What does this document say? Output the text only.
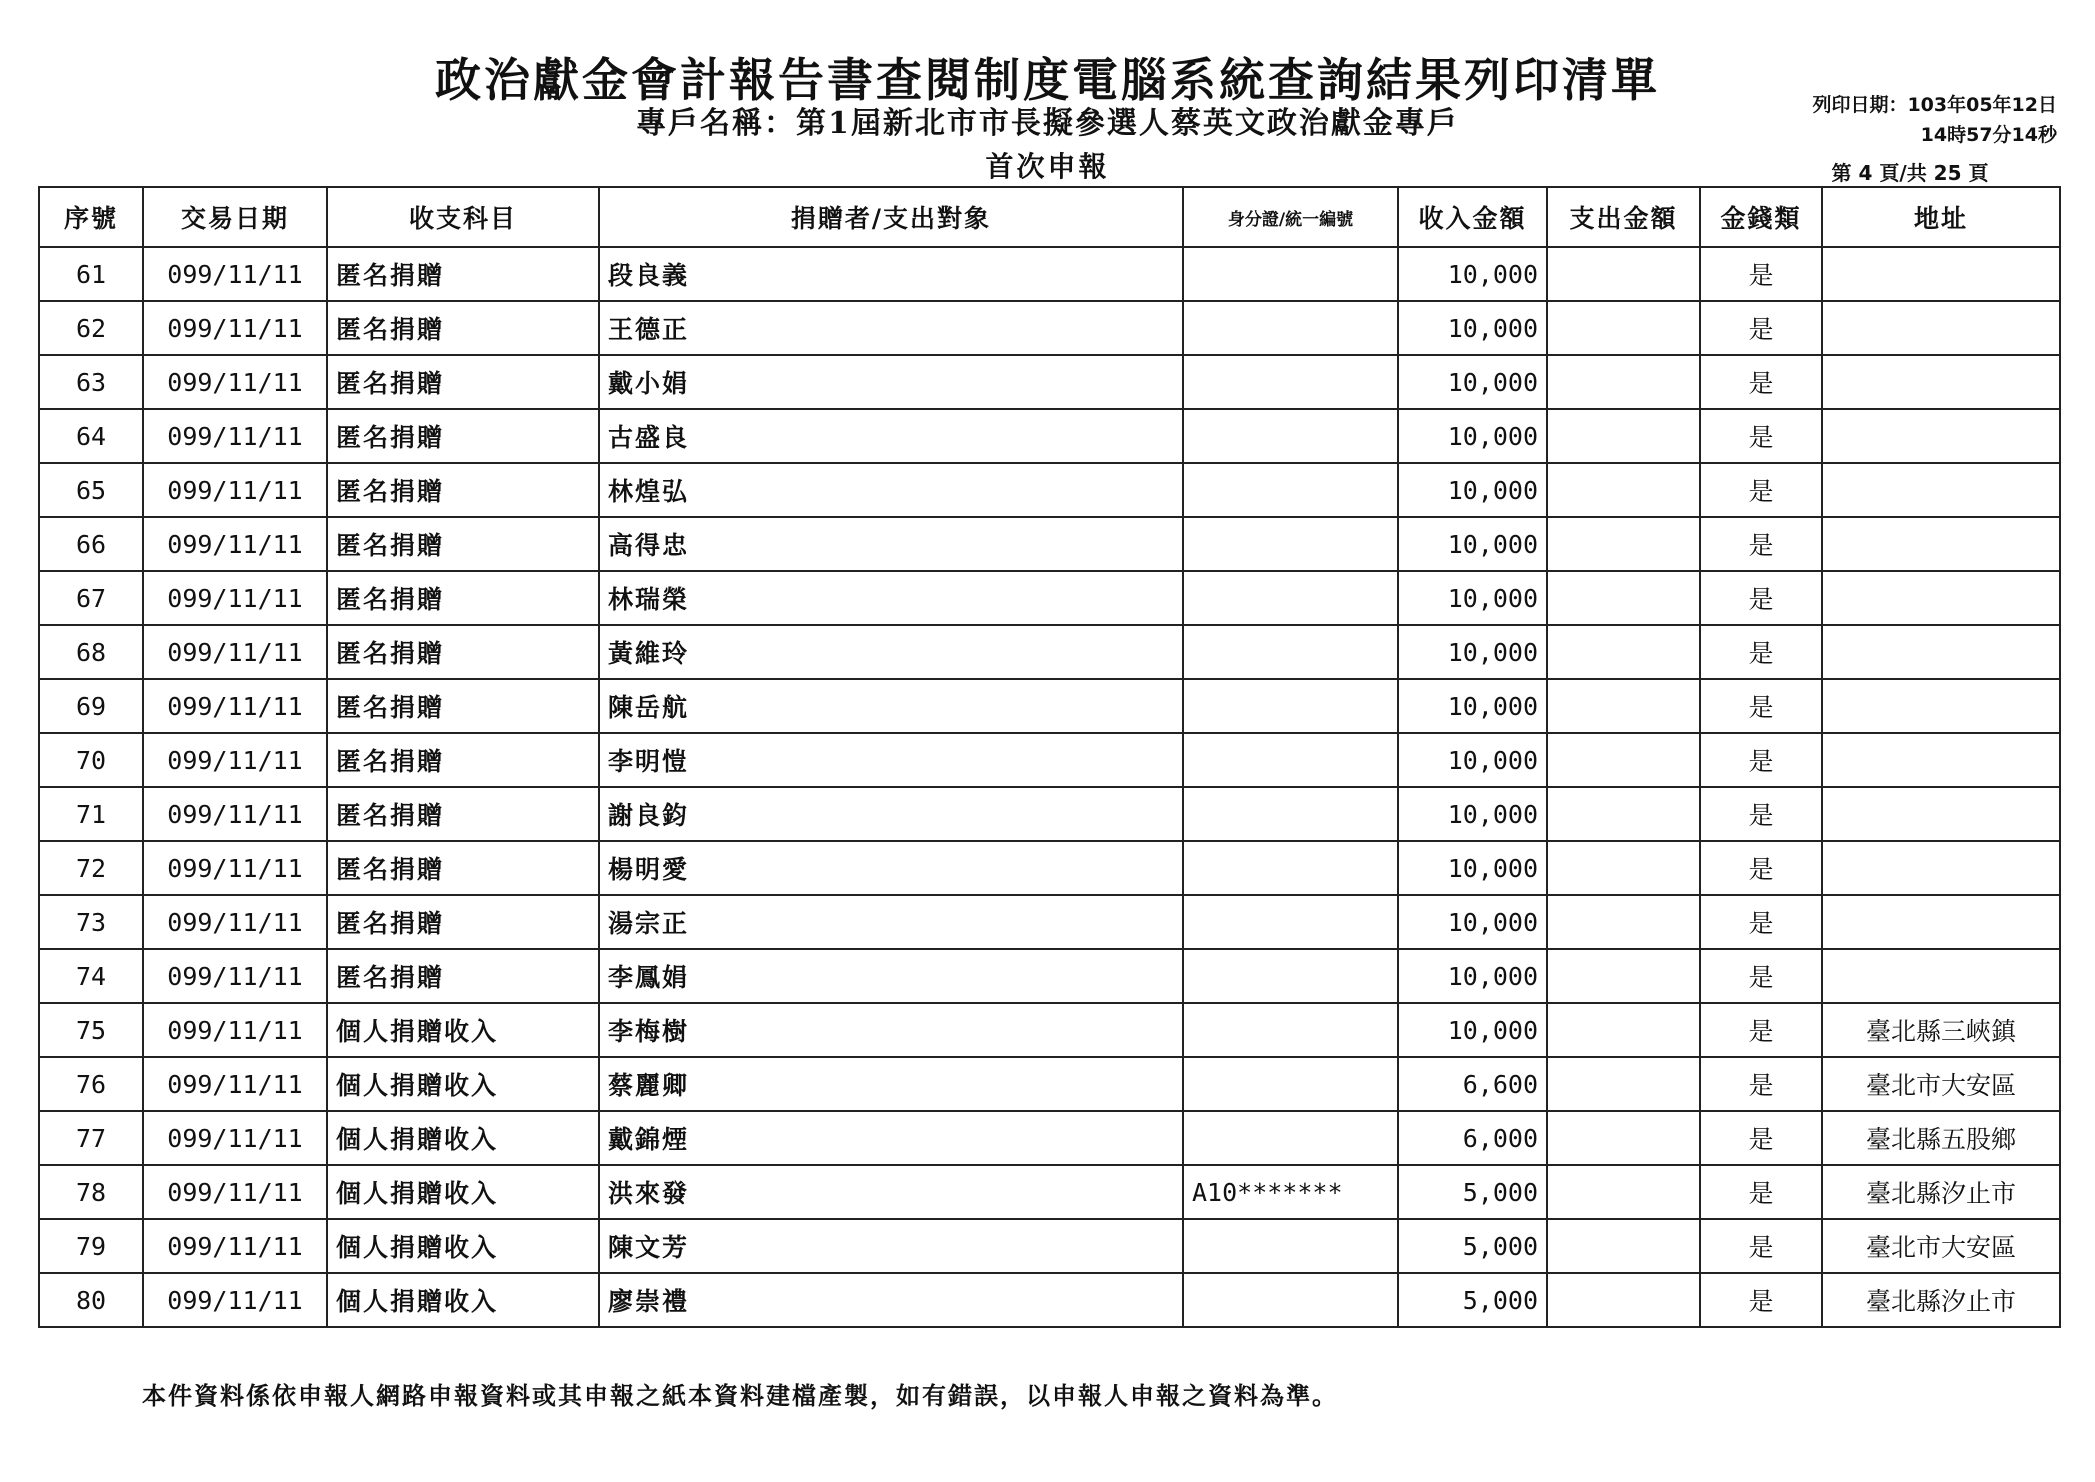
政治獻金會計報告書查閱制度電腦系統查詢結果列印清單
專戶名稱：第1屆新北市市長擬參選人蔡英文政治獻金專戶
首次申報
列印日期：103年05年12日
14時57分14秒
第 4 頁/共 25 頁
序號	交易日期	收支科目	捐贈者/支出對象	身分證/統一編號	收入金額	支出金額	金錢類	地址
61	099/11/11	匿名捐贈	段良義		10,000		是	
62	099/11/11	匿名捐贈	王德正		10,000		是	
63	099/11/11	匿名捐贈	戴小娟		10,000		是	
64	099/11/11	匿名捐贈	古盛良		10,000		是	
65	099/11/11	匿名捐贈	林煌弘		10,000		是	
66	099/11/11	匿名捐贈	高得忠		10,000		是	
67	099/11/11	匿名捐贈	林瑞榮		10,000		是	
68	099/11/11	匿名捐贈	黃維玲		10,000		是	
69	099/11/11	匿名捐贈	陳岳航		10,000		是	
70	099/11/11	匿名捐贈	李明愷		10,000		是	
71	099/11/11	匿名捐贈	謝良鈞		10,000		是	
72	099/11/11	匿名捐贈	楊明愛		10,000		是	
73	099/11/11	匿名捐贈	湯宗正		10,000		是	
74	099/11/11	匿名捐贈	李鳳娟		10,000		是	
75	099/11/11	個人捐贈收入	李梅樹		10,000		是	臺北縣三峽鎮
76	099/11/11	個人捐贈收入	蔡麗卿		6,600		是	臺北市大安區
77	099/11/11	個人捐贈收入	戴錦煙		6,000		是	臺北縣五股鄉
78	099/11/11	個人捐贈收入	洪來發	A10*******	5,000		是	臺北縣汐止市
79	099/11/11	個人捐贈收入	陳文芳		5,000		是	臺北市大安區
80	099/11/11	個人捐贈收入	廖崇禮		5,000		是	臺北縣汐止市
本件資料係依申報人網路申報資料或其申報之紙本資料建檔產製，如有錯誤，以申報人申報之資料為準。
